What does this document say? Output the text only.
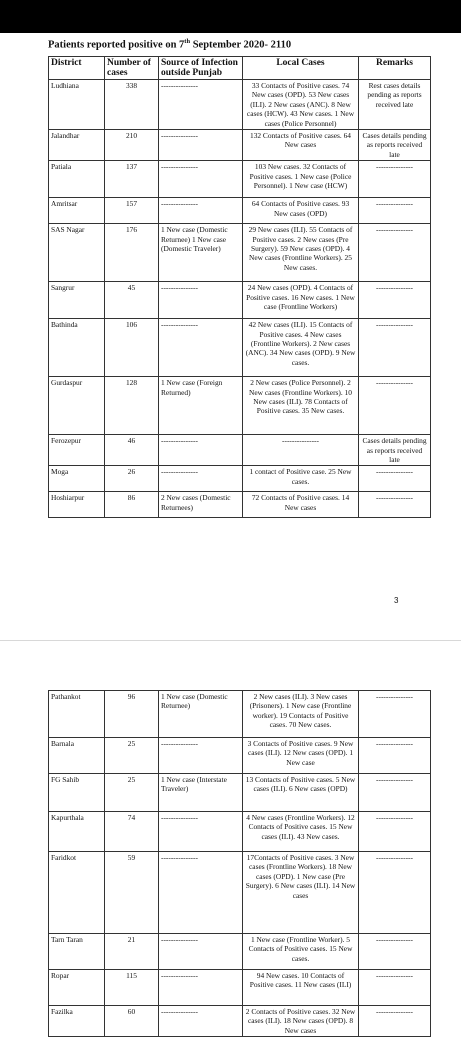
Patients reported positive on 7th September 2020- 2110
District	Number of cases	Source of Infection outside Punjab	Local Cases	Remarks
Ludhiana	338	---------------	33 Contacts of Positive cases. 74 New cases (OPD). 53 New cases (ILI). 2 New cases (ANC). 8 New cases (HCW). 43 New cases. 1 New cases (Police Personnel)	Rest cases details pending as reports received late
Jalandhar	210	---------------	132 Contacts of Positive cases. 64 New cases	Cases details pending as reports received late
Patiala	137	---------------	103 New cases. 32 Contacts of Positive cases. 1 New case (Police Personnel). 1 New case (HCW)	---------------
Amritsar	157	---------------	64 Contacts of Positive cases. 93 New cases (OPD)	---------------
SAS Nagar	176	1 New case (Domestic Returnee) 1 New case (Domestic Traveler)	29 New cases (ILI). 55 Contacts of Positive cases. 2 New cases (Pre Surgery). 59 New cases (OPD). 4 New cases (Frontline Workers). 25 New cases.	---------------
Sangrur	45	---------------	24 New cases (OPD). 4 Contacts of Positive cases. 16 New cases. 1 New case (Frontline Workers)	---------------
Bathinda	106	---------------	42 New cases (ILI). 15 Contacts of Positive cases. 4 New cases (Frontline Workers). 2 New cases (ANC). 34 New cases (OPD). 9 New cases.	---------------
Gurdaspur	128	1 New case (Foreign Returned)	2 New cases (Police Personnel). 2 New cases (Frontline Workers). 10 New cases (ILI). 78 Contacts of Positive cases. 35 New cases.	---------------
Ferozepur	46	---------------	---------------	Cases details pending as reports received late
Moga	26	---------------	1 contact of Positive case. 25 New cases.	---------------
Hoshiarpur	86	2 New cases (Domestic Returnees)	72 Contacts of Positive cases. 14 New cases	---------------
3
Pathankot	96	1 New case (Domestic Returnee)	2 New cases (ILI). 3 New cases (Prisoners). 1 New case (Frontline worker). 19 Contacts of Positive cases. 70 New cases.	---------------
Barnala	25	---------------	3 Contacts of Positive cases. 9 New cases (ILI). 12 New cases (OPD). 1 New case	---------------
FG Sahib	25	1 New case (Interstate Traveler)	13 Contacts of Positive cases. 5 New cases (ILI). 6 New cases (OPD)	---------------
Kapurthala	74	---------------	4 New cases (Frontline Workers). 12 Contacts of Positive cases. 15 New cases (ILI). 43 New cases.	---------------
Faridkot	59	---------------	17Contacts of Positive cases. 3 New cases (Frontline Workers). 18 New cases (OPD). 1 New case (Pre Surgery). 6 New cases (ILI). 14 New cases	---------------
Tarn Taran	21	---------------	1 New case (Frontline Worker). 5 Contacts of Positive cases. 15 New cases.	---------------
Ropar	115	---------------	94 New cases. 10 Contacts of Positive cases. 11 New cases (ILI)	---------------
Fazilka	60	---------------	2 Contacts of Positive cases. 32 New cases (ILI). 18 New cases (OPD). 8 New cases	---------------
